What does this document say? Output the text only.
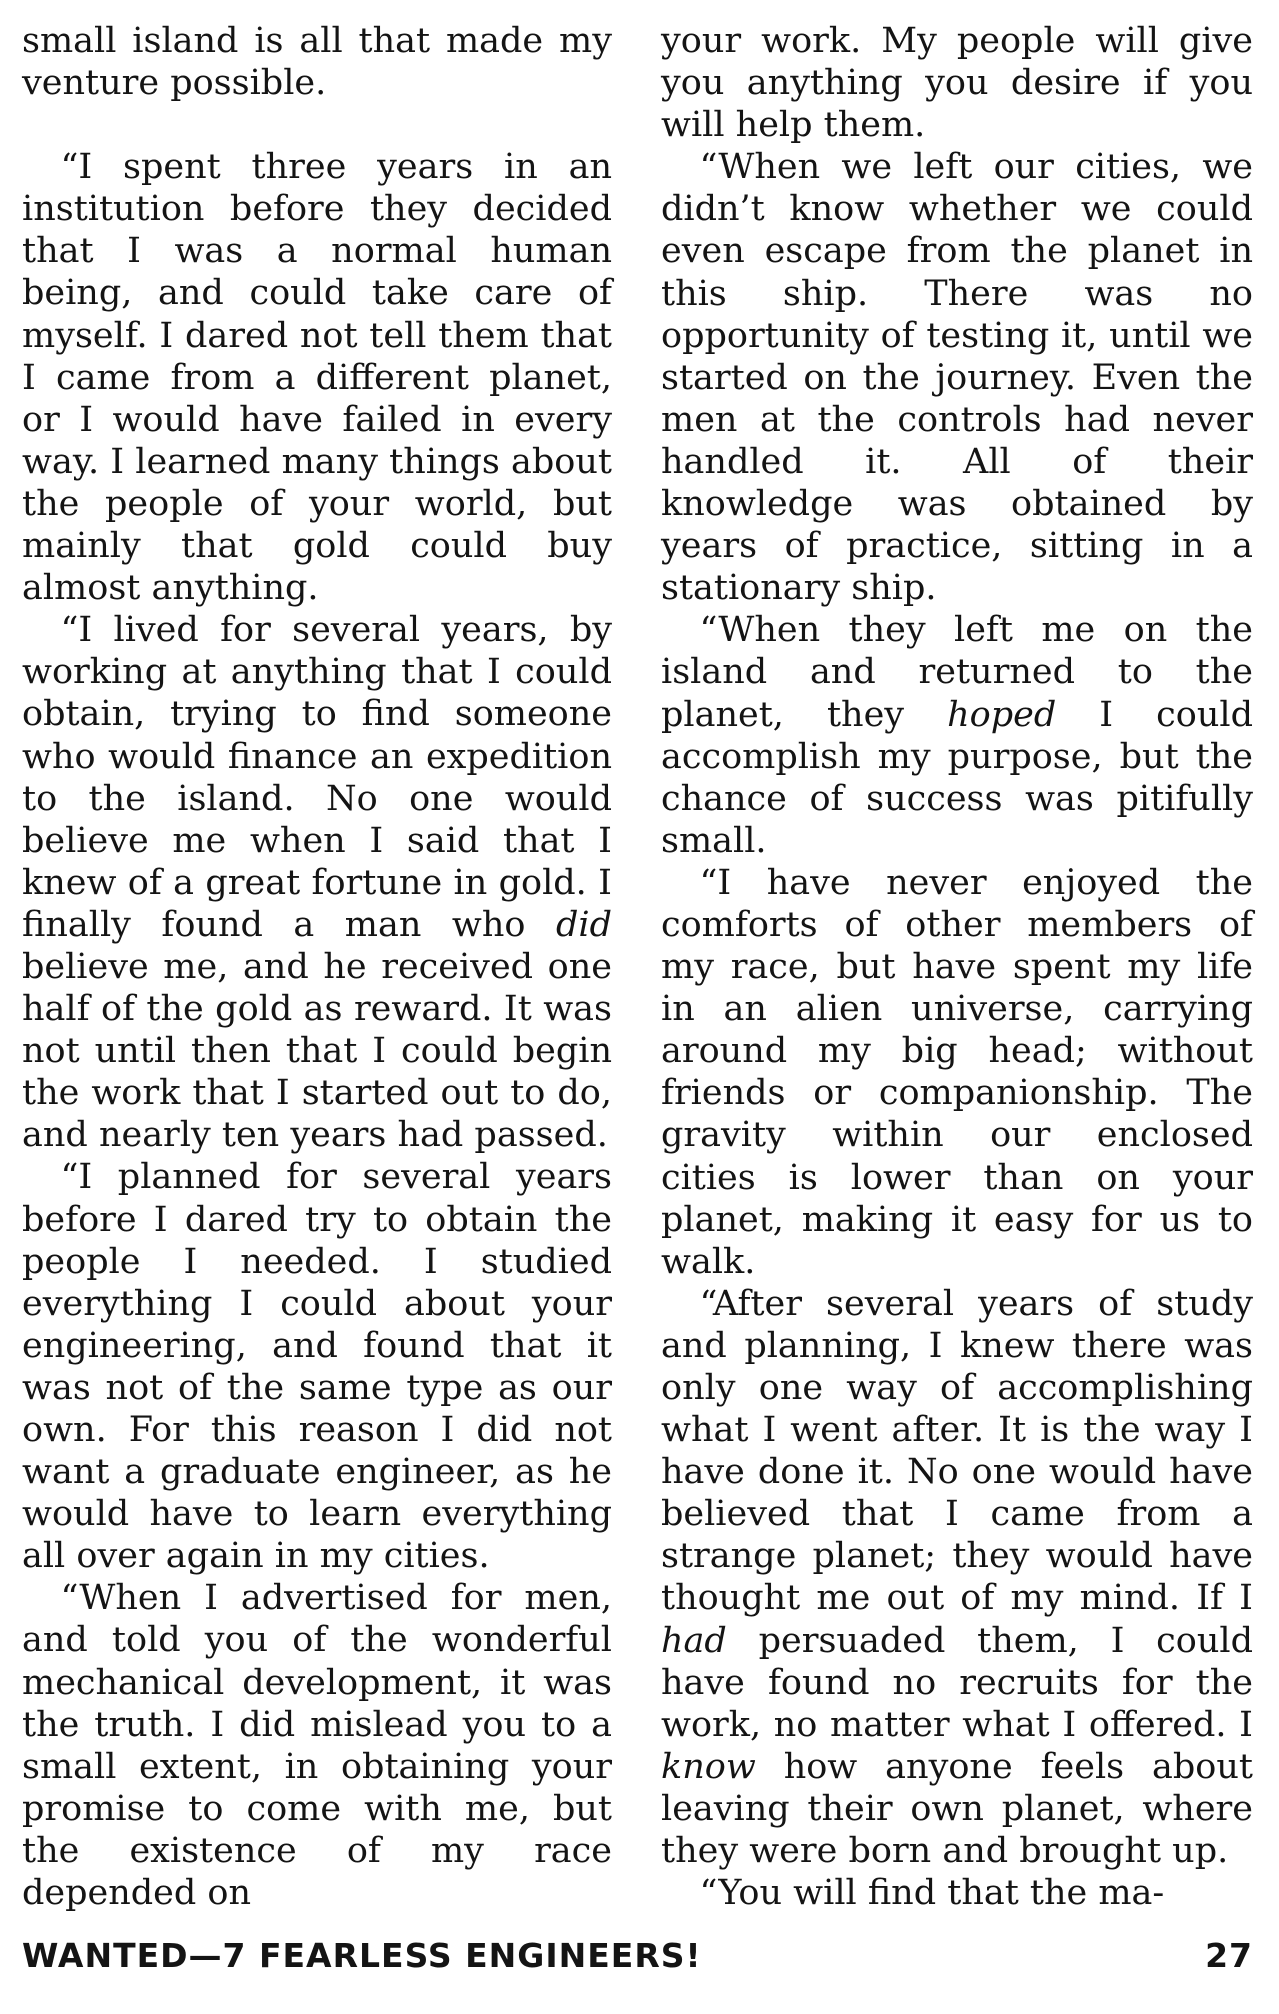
small island is all that made my venture possible.

“I spent three years in an institution before they decided that I was a normal human being, and could take care of myself. I dared not tell them that I came from a different planet, or I would have failed in every way. I learned many things about the people of your world, but mainly that gold could buy almost anything.

“I lived for several years, by working at anything that I could obtain, trying to find someone who would finance an expedition to the island. No one would believe me when I said that I knew of a great fortune in gold. I finally found a man who did believe me, and he received one half of the gold as reward. It was not until then that I could begin the work that I started out to do, and nearly ten years had passed.

“I planned for several years before I dared try to obtain the people I needed. I studied everything I could about your engineering, and found that it was not of the same type as our own. For this reason I did not want a graduate engineer, as he would have to learn everything all over again in my cities.

“When I advertised for men, and told you of the wonderful mechanical development, it was the truth. I did mislead you to a small extent, in obtaining your promise to come with me, but the existence of my race depended on

your work. My people will give you anything you desire if you will help them.

“When we left our cities, we didn’t know whether we could even escape from the planet in this ship. There was no opportunity of testing it, until we started on the journey. Even the men at the controls had never handled it. All of their knowledge was obtained by years of practice, sitting in a stationary ship.

“When they left me on the island and returned to the planet, they hoped I could accomplish my purpose, but the chance of success was pitifully small.

“I have never enjoyed the comforts of other members of my race, but have spent my life in an alien universe, carrying around my big head; without friends or companionship. The gravity within our enclosed cities is lower than on your planet, making it easy for us to walk.

“After several years of study and planning, I knew there was only one way of accomplishing what I went after. It is the way I have done it. No one would have believed that I came from a strange planet; they would have thought me out of my mind. If I had persuaded them, I could have found no recruits for the work, no matter what I offered. I know how anyone feels about leaving their own planet, where they were born and brought up.

“You will find that the ma-

WANTED—7 FEARLESS ENGINEERS!	27
